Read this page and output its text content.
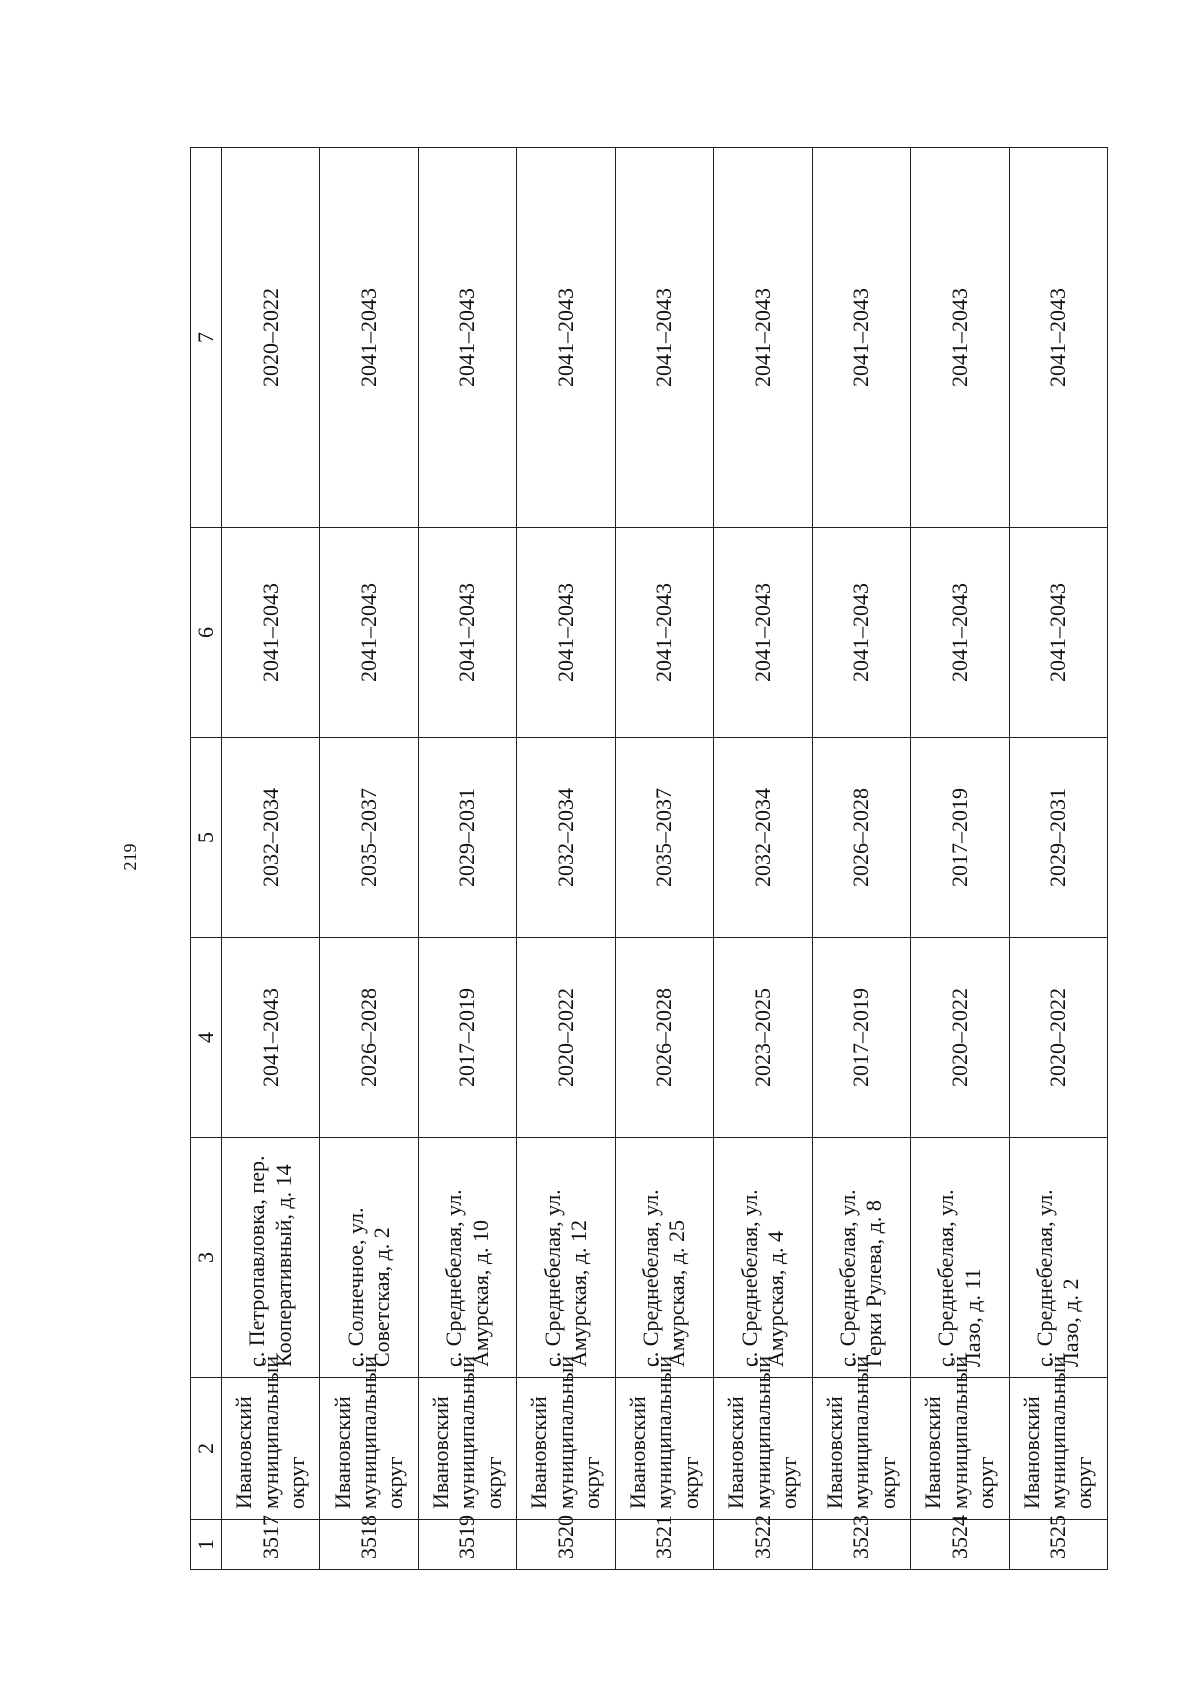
219
1	2	3	4	5	6	7
3517	Ивановский муниципальный округ	с. Петропавловка, пер. Кооперативный, д. 14	2041–2043	2032–2034	2041–2043	2020–2022
3518	Ивановский муниципальный округ	с. Солнечное, ул. Советская, д. 2	2026–2028	2035–2037	2041–2043	2041–2043
3519	Ивановский муниципальный округ	с. Среднебелая, ул. Амурская, д. 10	2017–2019	2029–2031	2041–2043	2041–2043
3520	Ивановский муниципальный округ	с. Среднебелая, ул. Амурская, д. 12	2020–2022	2032–2034	2041–2043	2041–2043
3521	Ивановский муниципальный округ	с. Среднебелая, ул. Амурская, д. 25	2026–2028	2035–2037	2041–2043	2041–2043
3522	Ивановский муниципальный округ	с. Среднебелая, ул. Амурская, д. 4	2023–2025	2032–2034	2041–2043	2041–2043
3523	Ивановский муниципальный округ	с. Среднебелая, ул. Герки Рулева, д. 8	2017–2019	2026–2028	2041–2043	2041–2043
3524	Ивановский муниципальный округ	с. Среднебелая, ул. Лазо, д. 11	2020–2022	2017–2019	2041–2043	2041–2043
3525	Ивановский муниципальный округ	с. Среднебелая, ул. Лазо, д. 2	2020–2022	2029–2031	2041–2043	2041–2043
